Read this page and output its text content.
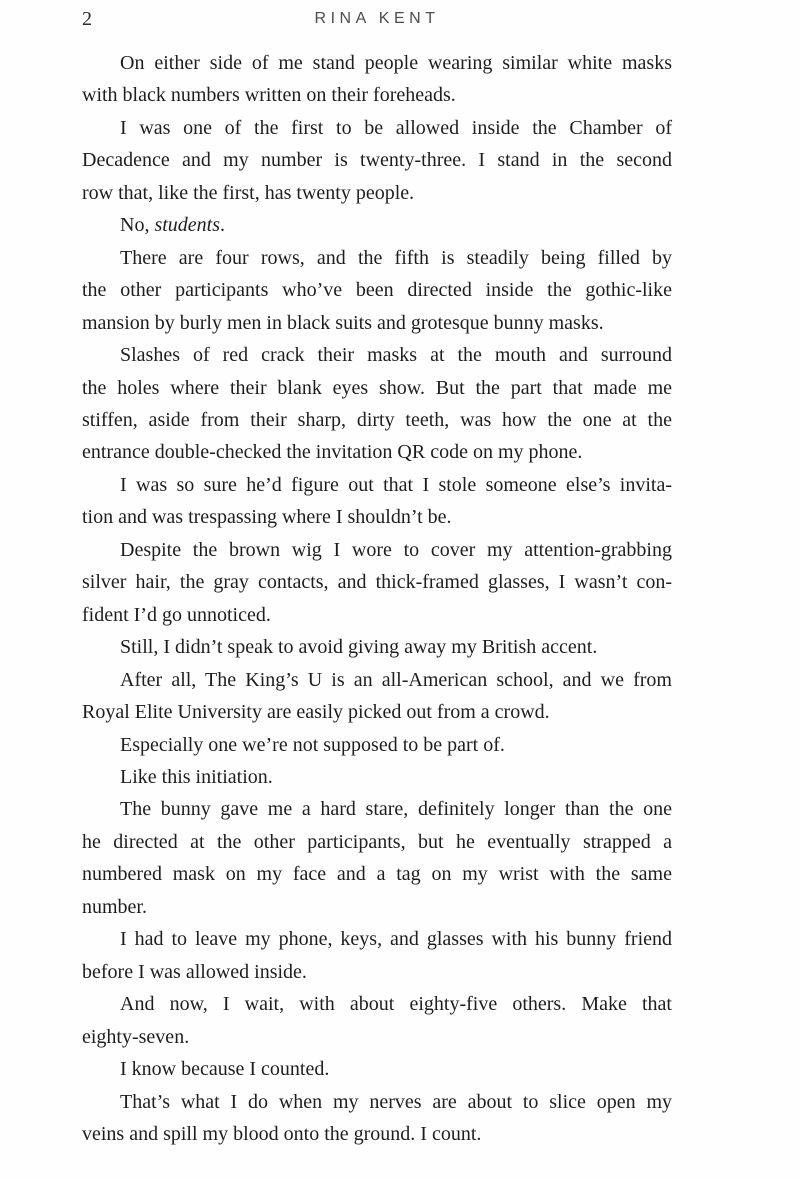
2	RINA KENT
On either side of me stand people wearing similar white masks
with black numbers written on their foreheads.
I was one of the first to be allowed inside the Chamber of
Decadence and my number is twenty-three. I stand in the second
row that, like the first, has twenty people.
No, students.
There are four rows, and the fifth is steadily being filled by
the other participants who’ve been directed inside the gothic-like
mansion by burly men in black suits and grotesque bunny masks.
Slashes of red crack their masks at the mouth and surround
the holes where their blank eyes show. But the part that made me
stiffen, aside from their sharp, dirty teeth, was how the one at the
entrance double-checked the invitation QR code on my phone.
I was so sure he’d figure out that I stole someone else’s invita-
tion and was trespassing where I shouldn’t be.
Despite the brown wig I wore to cover my attention-grabbing
silver hair, the gray contacts, and thick-framed glasses, I wasn’t con-
fident I’d go unnoticed.
Still, I didn’t speak to avoid giving away my British accent.
After all, The King’s U is an all-American school, and we from
Royal Elite University are easily picked out from a crowd.
Especially one we’re not supposed to be part of.
Like this initiation.
The bunny gave me a hard stare, definitely longer than the one
he directed at the other participants, but he eventually strapped a
numbered mask on my face and a tag on my wrist with the same
number.
I had to leave my phone, keys, and glasses with his bunny friend
before I was allowed inside.
And now, I wait, with about eighty-five others. Make that
eighty-seven.
I know because I counted.
That’s what I do when my nerves are about to slice open my
veins and spill my blood onto the ground. I count.
